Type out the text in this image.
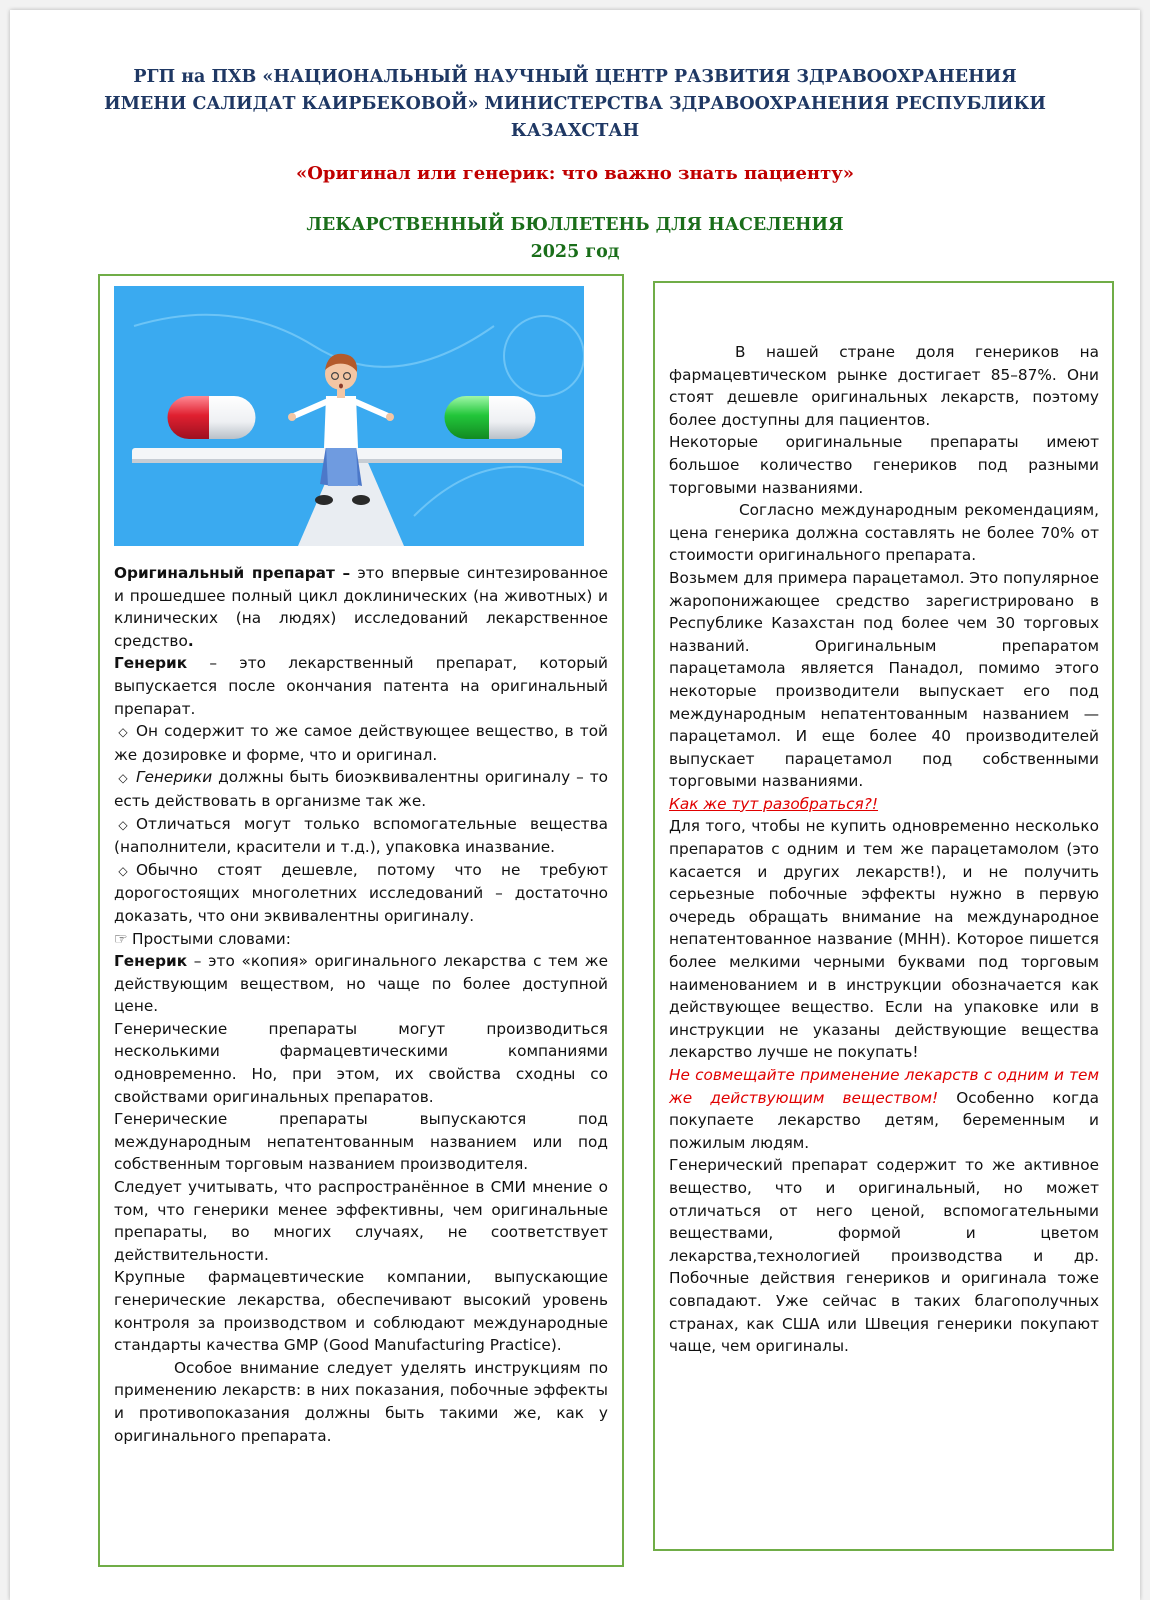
РГП на ПХВ «НАЦИОНАЛЬНЫЙ НАУЧНЫЙ ЦЕНТР РАЗВИТИЯ ЗДРАВООХРАНЕНИЯ
ИМЕНИ САЛИДАТ КАИРБЕКОВОЙ» МИНИСТЕРСТВА ЗДРАВООХРАНЕНИЯ РЕСПУБЛИКИ
КАЗАХСТАН
«Оригинал или генерик: что важно знать пациенту»
ЛЕКАРСТВЕННЫЙ БЮЛЛЕТЕНЬ ДЛЯ НАСЕЛЕНИЯ
2025 год

Оригинальный препарат – это впервые синтезированное и прошедшее полный цикл доклинических (на животных) и клинических (на людях) исследований лекарственное средство.

Генерик – это лекарственный препарат, который выпускается после окончания патента на оригинальный препарат.

◇ Он содержит то же самое действующее вещество, в той же дозировке и форме, что и оригинал.

◇ Генерики должны быть биоэквивалентны оригиналу – то есть действовать в организме так же.

◇ Отличаться могут только вспомогательные вещества (наполнители, красители и т.д.), упаковка иназвание.

◇ Обычно стоят дешевле, потому что не требуют дорогостоящих многолетних исследований – достаточно доказать, что они эквивалентны оригиналу.

☞ Простыми словами:

Генерик – это «копия» оригинального лекарства с тем же действующим веществом, но чаще по более доступной цене.

Генерические препараты могут производиться несколькими фармацевтическими компаниями одновременно. Но, при этом, их свойства сходны со свойствами оригинальных препаратов.

Генерические препараты выпускаются под международным непатентованным названием или под собственным торговым названием производителя.

Следует учитывать, что распространённое в СМИ мнение о том, что генерики менее эффективны, чем оригинальные препараты, во многих случаях, не соответствует действительности.

Крупные фармацевтические компании, выпускающие генерические лекарства, обеспечивают высокий уровень контроля за производством и соблюдают международные стандарты качества GMP (Good Manufacturing Practice).

Особое внимание следует уделять инструкциям по применению лекарств: в них показания, побочные эффекты и противопоказания должны быть такими же, как у оригинального препарата.

В нашей стране доля генериков на фармацевтическом рынке достигает 85–87%. Они стоят дешевле оригинальных лекарств, поэтому более доступны для пациентов.

Некоторые оригинальные препараты имеют большое количество генериков под разными торговыми названиями.

Согласно международным рекомендациям, цена генерика должна составлять не более 70% от стоимости оригинального препарата.

Возьмем для примера парацетамол. Это популярное жаропонижающее средство зарегистрировано в Республике Казахстан под более чем 30 торговых названий. Оригинальным препаратом парацетамола является Панадол, помимо этого некоторые производители выпускает его под международным непатентованным названием — парацетамол. И еще более 40 производителей выпускает парацетамол под собственными торговыми названиями.

Как же тут разобраться?!

Для того, чтобы не купить одновременно несколько препаратов с одним и тем же парацетамолом (это касается и других лекарств!), и не получить серьезные побочные эффекты нужно в первую очередь обращать внимание на международное непатентованное название (МНН). Которое пишется более мелкими черными буквами под торговым наименованием и в инструкции обозначается как действующее вещество. Если на упаковке или в инструкции не указаны действующие вещества лекарство лучше не покупать!

Не совмещайте применение лекарств с одним и тем же действующим веществом! Особенно когда покупаете лекарство детям, беременным и пожилым людям.

Генерический препарат содержит то же активное вещество, что и оригинальный, но может отличаться от него ценой, вспомогательными веществами, формой и цветом лекарства,технологией производства и др. Побочные действия генериков и оригинала тоже совпадают. Уже сейчас в таких благополучных странах, как США или Швеция генерики покупают чаще, чем оригиналы.
